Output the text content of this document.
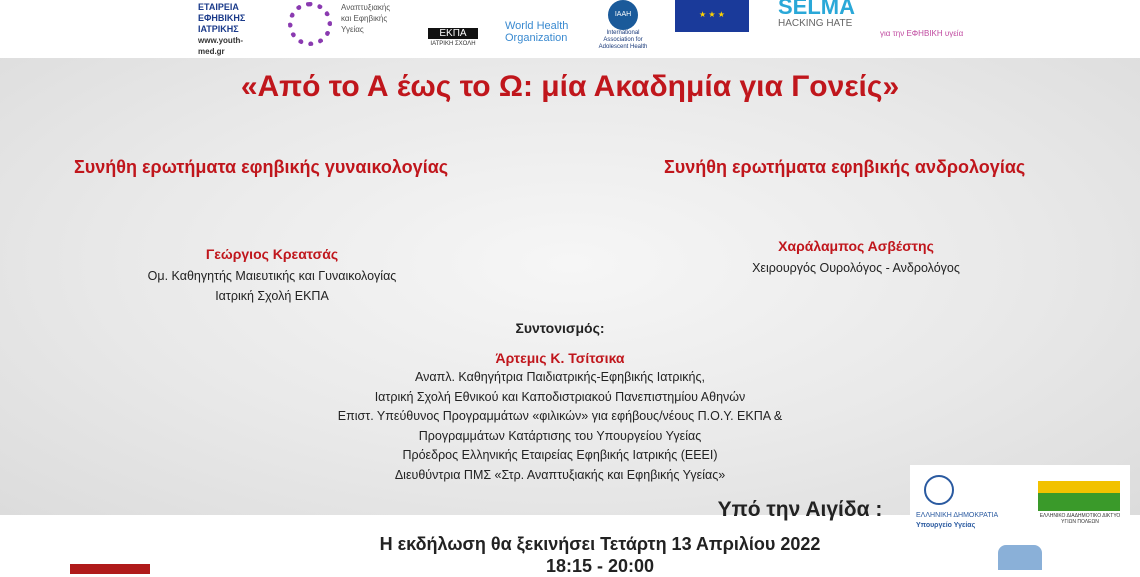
ΕΤΑΙΡΕΙΑ ΕΦΗΒΙΚΗΣ ΙΑΤΡΙΚΗΣ
www.youth-med.gr
Αναπτυξιακής και Εφηβικής Υγείας	ΕΚΠΑ
ΙΑΤΡΙΚΗ ΣΧΟΛΗ
World Health Organization
IAAH
International Association for Adolescent Health
★ ★ ★	SELMA
HACKING HATE
για την ΕΦΗΒΙΚΗ υγεία
«Από το Α έως το Ω: μία Ακαδημία για Γονείς»
Συνήθη ερωτήματα εφηβικής γυναικολογίας	Συνήθη ερωτήματα εφηβικής ανδρολογίας
Γεώργιος Κρεατσάς
Ομ. Καθηγητής Μαιευτικής και Γυναικολογίας
Ιατρική Σχολή ΕΚΠΑ
Χαράλαμπος Ασβέστης
Χειρουργός Ουρολόγος - Ανδρολόγος
Συντονισμός:
Άρτεμις Κ. Τσίτσικα
Αναπλ. Καθηγήτρια Παιδιατρικής-Εφηβικής Ιατρικής,
Ιατρική Σχολή Εθνικού και Καποδιστριακού Πανεπιστημίου Αθηνών
Επιστ. Υπεύθυνος Προγραμμάτων «φιλικών» για εφήβους/νέους Π.Ο.Υ. ΕΚΠΑ &
Προγραμμάτων Κατάρτισης του Υπουργείου Υγείας
Πρόεδρος Ελληνικής Εταιρείας Εφηβικής Ιατρικής (ΕΕΕΙ)
Διευθύντρια ΠΜΣ «Στρ. Αναπτυξιακής και Εφηβικής Υγείας»
ΕΛΛΗΝΙΚΗ ΔΗΜΟΚΡΑΤΙΑ
Υπουργείο Υγείας
ΕΛΛΗΝΙΚΟ ΔΙΑΔΗΜΟΤΙΚΟ ΔΙΚΤΥΟ ΥΓΙΩΝ ΠΟΛΕΩΝ
Υπό την Αιγίδα :
Η εκδήλωση θα ξεκινήσει Τετάρτη 13 Απριλίου 2022
18:15 - 20:00
